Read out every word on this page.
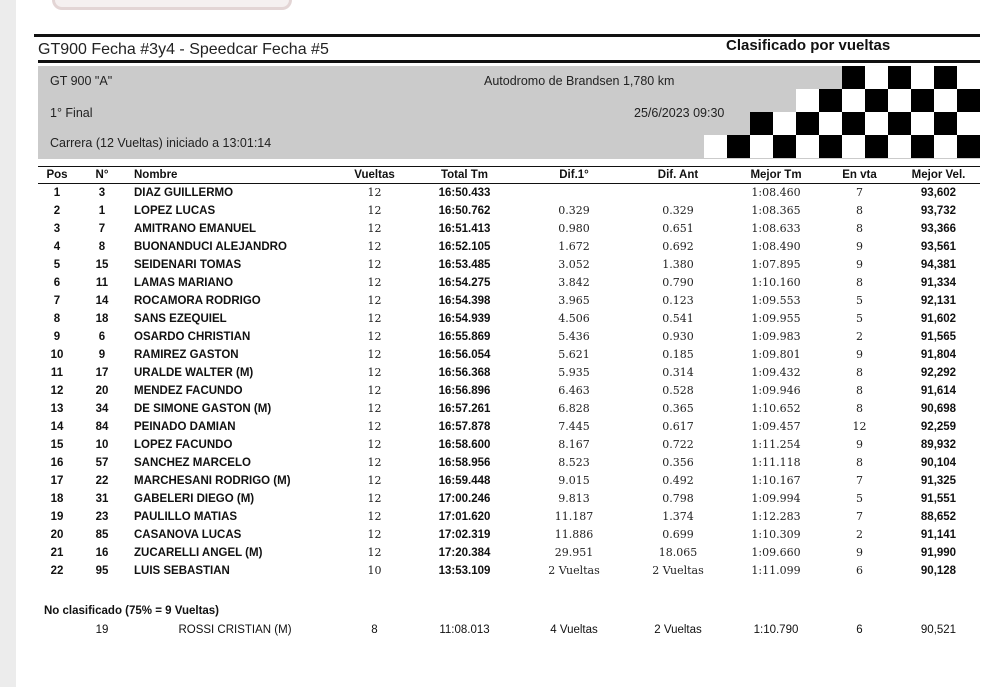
GT900 Fecha #3y4 - Speedcar Fecha #5	Clasificado por vueltas
GT 900 "A"	Autodromo de Brandsen 1,780 km
1° Final	25/6/2023 09:30
Carrera (12 Vueltas) iniciado a 13:01:14
Pos	N°	Nombre	Vueltas	Total Tm	Dif.1°	Dif. Ant	Mejor Tm	En vta	Mejor Vel.
1	3	DIAZ GUILLERMO	12	16:50.433			1:08.460	7	93,602
2	1	LOPEZ LUCAS	12	16:50.762	0.329	0.329	1:08.365	8	93,732
3	7	AMITRANO EMANUEL	12	16:51.413	0.980	0.651	1:08.633	8	93,366
4	8	BUONANDUCI ALEJANDRO	12	16:52.105	1.672	0.692	1:08.490	9	93,561
5	15	SEIDENARI TOMAS	12	16:53.485	3.052	1.380	1:07.895	9	94,381
6	11	LAMAS MARIANO	12	16:54.275	3.842	0.790	1:10.160	8	91,334
7	14	ROCAMORA RODRIGO	12	16:54.398	3.965	0.123	1:09.553	5	92,131
8	18	SANS EZEQUIEL	12	16:54.939	4.506	0.541	1:09.955	5	91,602
9	6	OSARDO CHRISTIAN	12	16:55.869	5.436	0.930	1:09.983	2	91,565
10	9	RAMIREZ GASTON	12	16:56.054	5.621	0.185	1:09.801	9	91,804
11	17	URALDE WALTER (M)	12	16:56.368	5.935	0.314	1:09.432	8	92,292
12	20	MENDEZ FACUNDO	12	16:56.896	6.463	0.528	1:09.946	8	91,614
13	34	DE SIMONE GASTON (M)	12	16:57.261	6.828	0.365	1:10.652	8	90,698
14	84	PEINADO DAMIAN	12	16:57.878	7.445	0.617	1:09.457	12	92,259
15	10	LOPEZ FACUNDO	12	16:58.600	8.167	0.722	1:11.254	9	89,932
16	57	SANCHEZ MARCELO	12	16:58.956	8.523	0.356	1:11.118	8	90,104
17	22	MARCHESANI RODRIGO (M)	12	16:59.448	9.015	0.492	1:10.167	7	91,325
18	31	GABELERI DIEGO (M)	12	17:00.246	9.813	0.798	1:09.994	5	91,551
19	23	PAULILLO MATIAS	12	17:01.620	11.187	1.374	1:12.283	7	88,652
20	85	CASANOVA LUCAS	12	17:02.319	11.886	0.699	1:10.309	2	91,141
21	16	ZUCARELLI ANGEL (M)	12	17:20.384	29.951	18.065	1:09.660	9	91,990
22	95	LUIS SEBASTIAN	10	13:53.109	2 Vueltas	2 Vueltas	1:11.099	6	90,128
No clasificado (75% = 9 Vueltas)
	19	ROSSI CRISTIAN (M)	8	11:08.013	4 Vueltas	2 Vueltas	1:10.790	6	90,521
